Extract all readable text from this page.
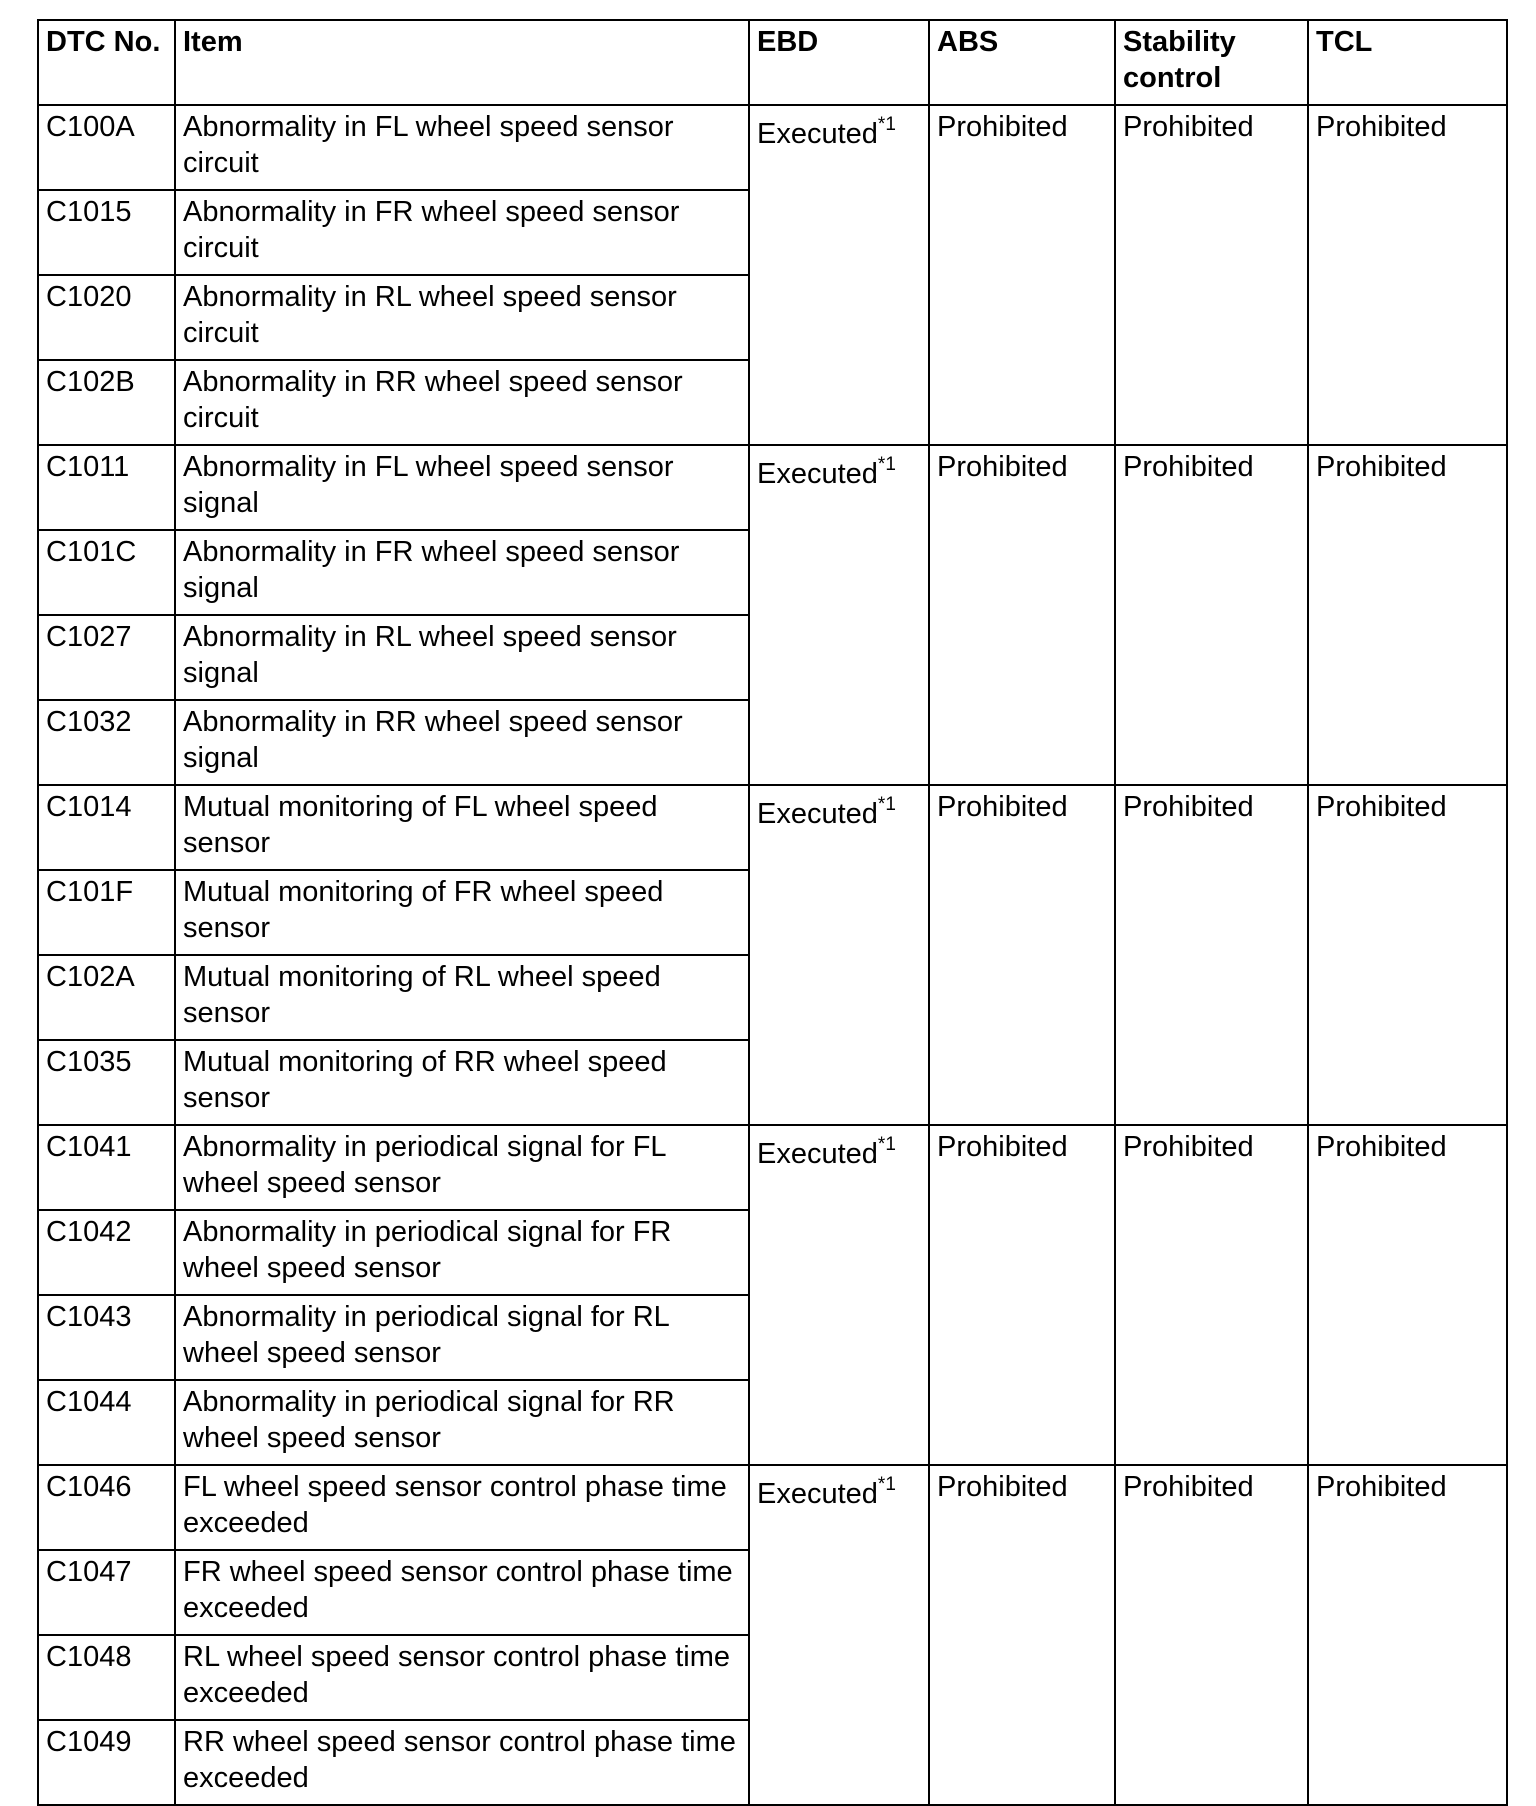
DTC No.	Item	EBD	ABS	Stability control	TCL
C100A	Abnormality in FL wheel speed sensor circuit	Executed$^{*1}$	Prohibited	Prohibited	Prohibited
C1015	Abnormality in FR wheel speed sensor circuit				
C1020	Abnormality in RL wheel speed sensor circuit				
C102B	Abnormality in RR wheel speed sensor circuit				
C1011	Abnormality in FL wheel speed sensor signal	Executed$^{*1}$	Prohibited	Prohibited	Prohibited
C101C	Abnormality in FR wheel speed sensor signal				
C1027	Abnormality in RL wheel speed sensor signal				
C1032	Abnormality in RR wheel speed sensor signal				
C1014	Mutual monitoring of FL wheel speed sensor	Executed$^{*1}$	Prohibited	Prohibited	Prohibited
C101F	Mutual monitoring of FR wheel speed sensor				
C102A	Mutual monitoring of RL wheel speed sensor				
C1035	Mutual monitoring of RR wheel speed sensor				
C1041	Abnormality in periodical signal for FL wheel speed sensor	Executed$^{*1}$	Prohibited	Prohibited	Prohibited
C1042	Abnormality in periodical signal for FR wheel speed sensor				
C1043	Abnormality in periodical signal for RL wheel speed sensor				
C1044	Abnormality in periodical signal for RR wheel speed sensor				
C1046	FL wheel speed sensor control phase time exceeded	Executed$^{*1}$	Prohibited	Prohibited	Prohibited
C1047	FR wheel speed sensor control phase time exceeded				
C1048	RL wheel speed sensor control phase time exceeded				
C1049	RR wheel speed sensor control phase time exceeded				
